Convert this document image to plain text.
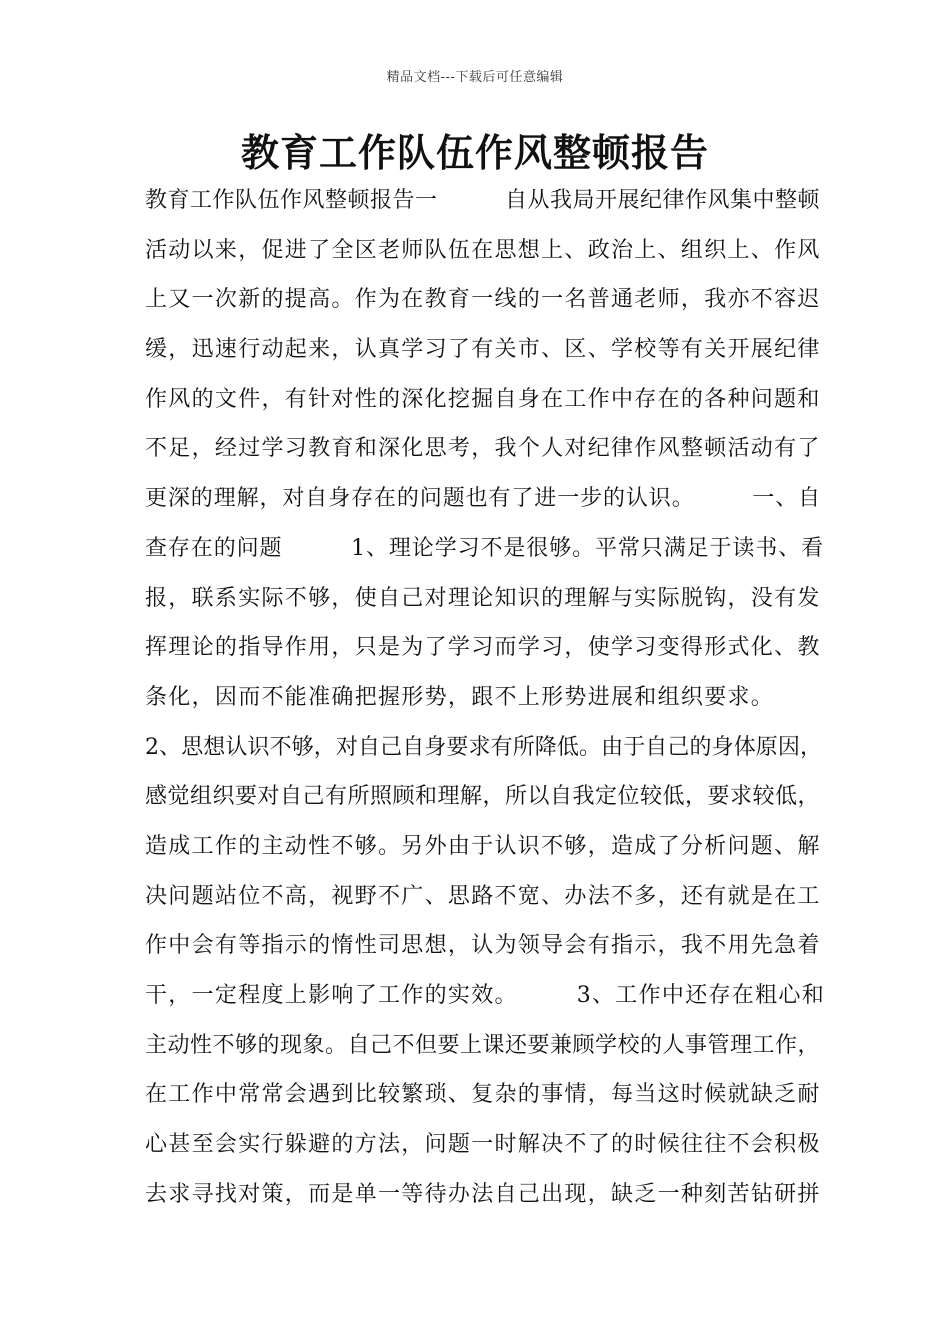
精品文档---下载后可任意编辑
教育工作队伍作风整顿报告
教育工作队伍作风整顿报告一　　　自从我局开展纪律作风集中整顿
活动以来，促进了全区老师队伍在思想上、政治上、组织上、作风
上又一次新的提高。作为在教育一线的一名普通老师，我亦不容迟
缓，迅速行动起来，认真学习了有关市、区、学校等有关开展纪律
作风的文件，有针对性的深化挖掘自身在工作中存在的各种问题和
不足，经过学习教育和深化思考，我个人对纪律作风整顿活动有了
更深的理解，对自身存在的问题也有了进一步的认识。　　　一、自
查存在的问题　　　1、理论学习不是很够。平常只满足于读书、看
报，联系实际不够，使自己对理论知识的理解与实际脱钩，没有发
挥理论的指导作用，只是为了学习而学习，使学习变得形式化、教
条化，因而不能准确把握形势，跟不上形势进展和组织要求。
2、思想认识不够，对自己自身要求有所降低。由于自己的身体原因，
感觉组织要对自己有所照顾和理解，所以自我定位较低，要求较低，
造成工作的主动性不够。另外由于认识不够，造成了分析问题、解
决问题站位不高，视野不广、思路不宽、办法不多，还有就是在工
作中会有等指示的惰性司思想，认为领导会有指示，我不用先急着
干，一定程度上影响了工作的实效。　　　3、工作中还存在粗心和
主动性不够的现象。自己不但要上课还要兼顾学校的人事管理工作，
在工作中常常会遇到比较繁琐、复杂的事情，每当这时候就缺乏耐
心甚至会实行躲避的方法，问题一时解决不了的时候往往不会积极
去求寻找对策，而是单一等待办法自己出现，缺乏一种刻苦钻研拼
